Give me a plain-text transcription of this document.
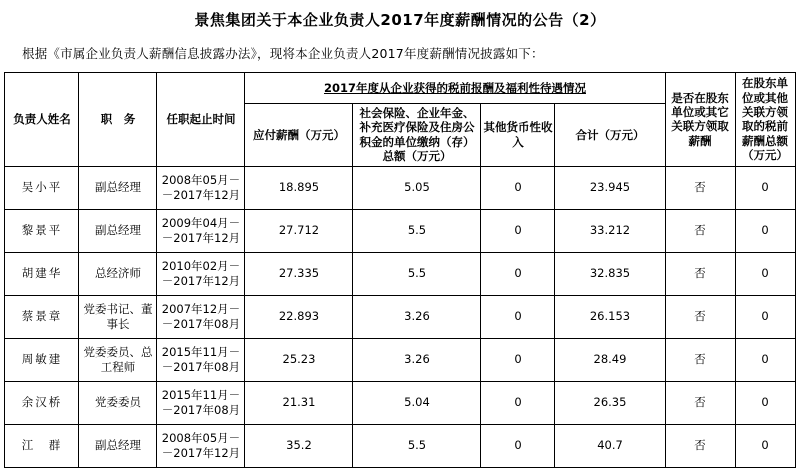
景焦集团关于本企业负责人2017年度薪酬情况的公告（2）
根据《市属企业负责人薪酬信息披露办法》，现将本企业负责人2017年度薪酬情况披露如下：
负责人姓名	职　务	任职起止时间	2017年度从企业获得的税前报酬及福利性待遇情况				是否在股东单位或其它关联方领取薪酬	在股东单位或其他关联方领取的税前薪酬总额（万元）
			应付薪酬（万元）	社会保险、企业年金、补充医疗保险及住房公积金的单位缴纳（存）总额（万元）	其他货币性收入	合计（万元）		
吴小平	副总经理	2008年05月－－2017年12月	18.895	5.05	0	23.945	否	0
黎景平	副总经理	2009年04月－－2017年12月	27.712	5.5	0	33.212	否	0
胡建华	总经济师	2010年02月－－2017年12月	27.335	5.5	0	32.835	否	0
蔡景章	党委书记、董事长	2007年12月－－2017年08月	22.893	3.26	0	26.153	否	0
周敏建	党委委员、总工程师	2015年11月－－2017年08月	25.23	3.26	0	28.49	否	0
余汉桥	党委委员	2015年11月－－2017年08月	21.31	5.04	0	26.35	否	0
江　群	副总经理	2008年05月－－2017年12月	35.2	5.5	0	40.7	否	0
